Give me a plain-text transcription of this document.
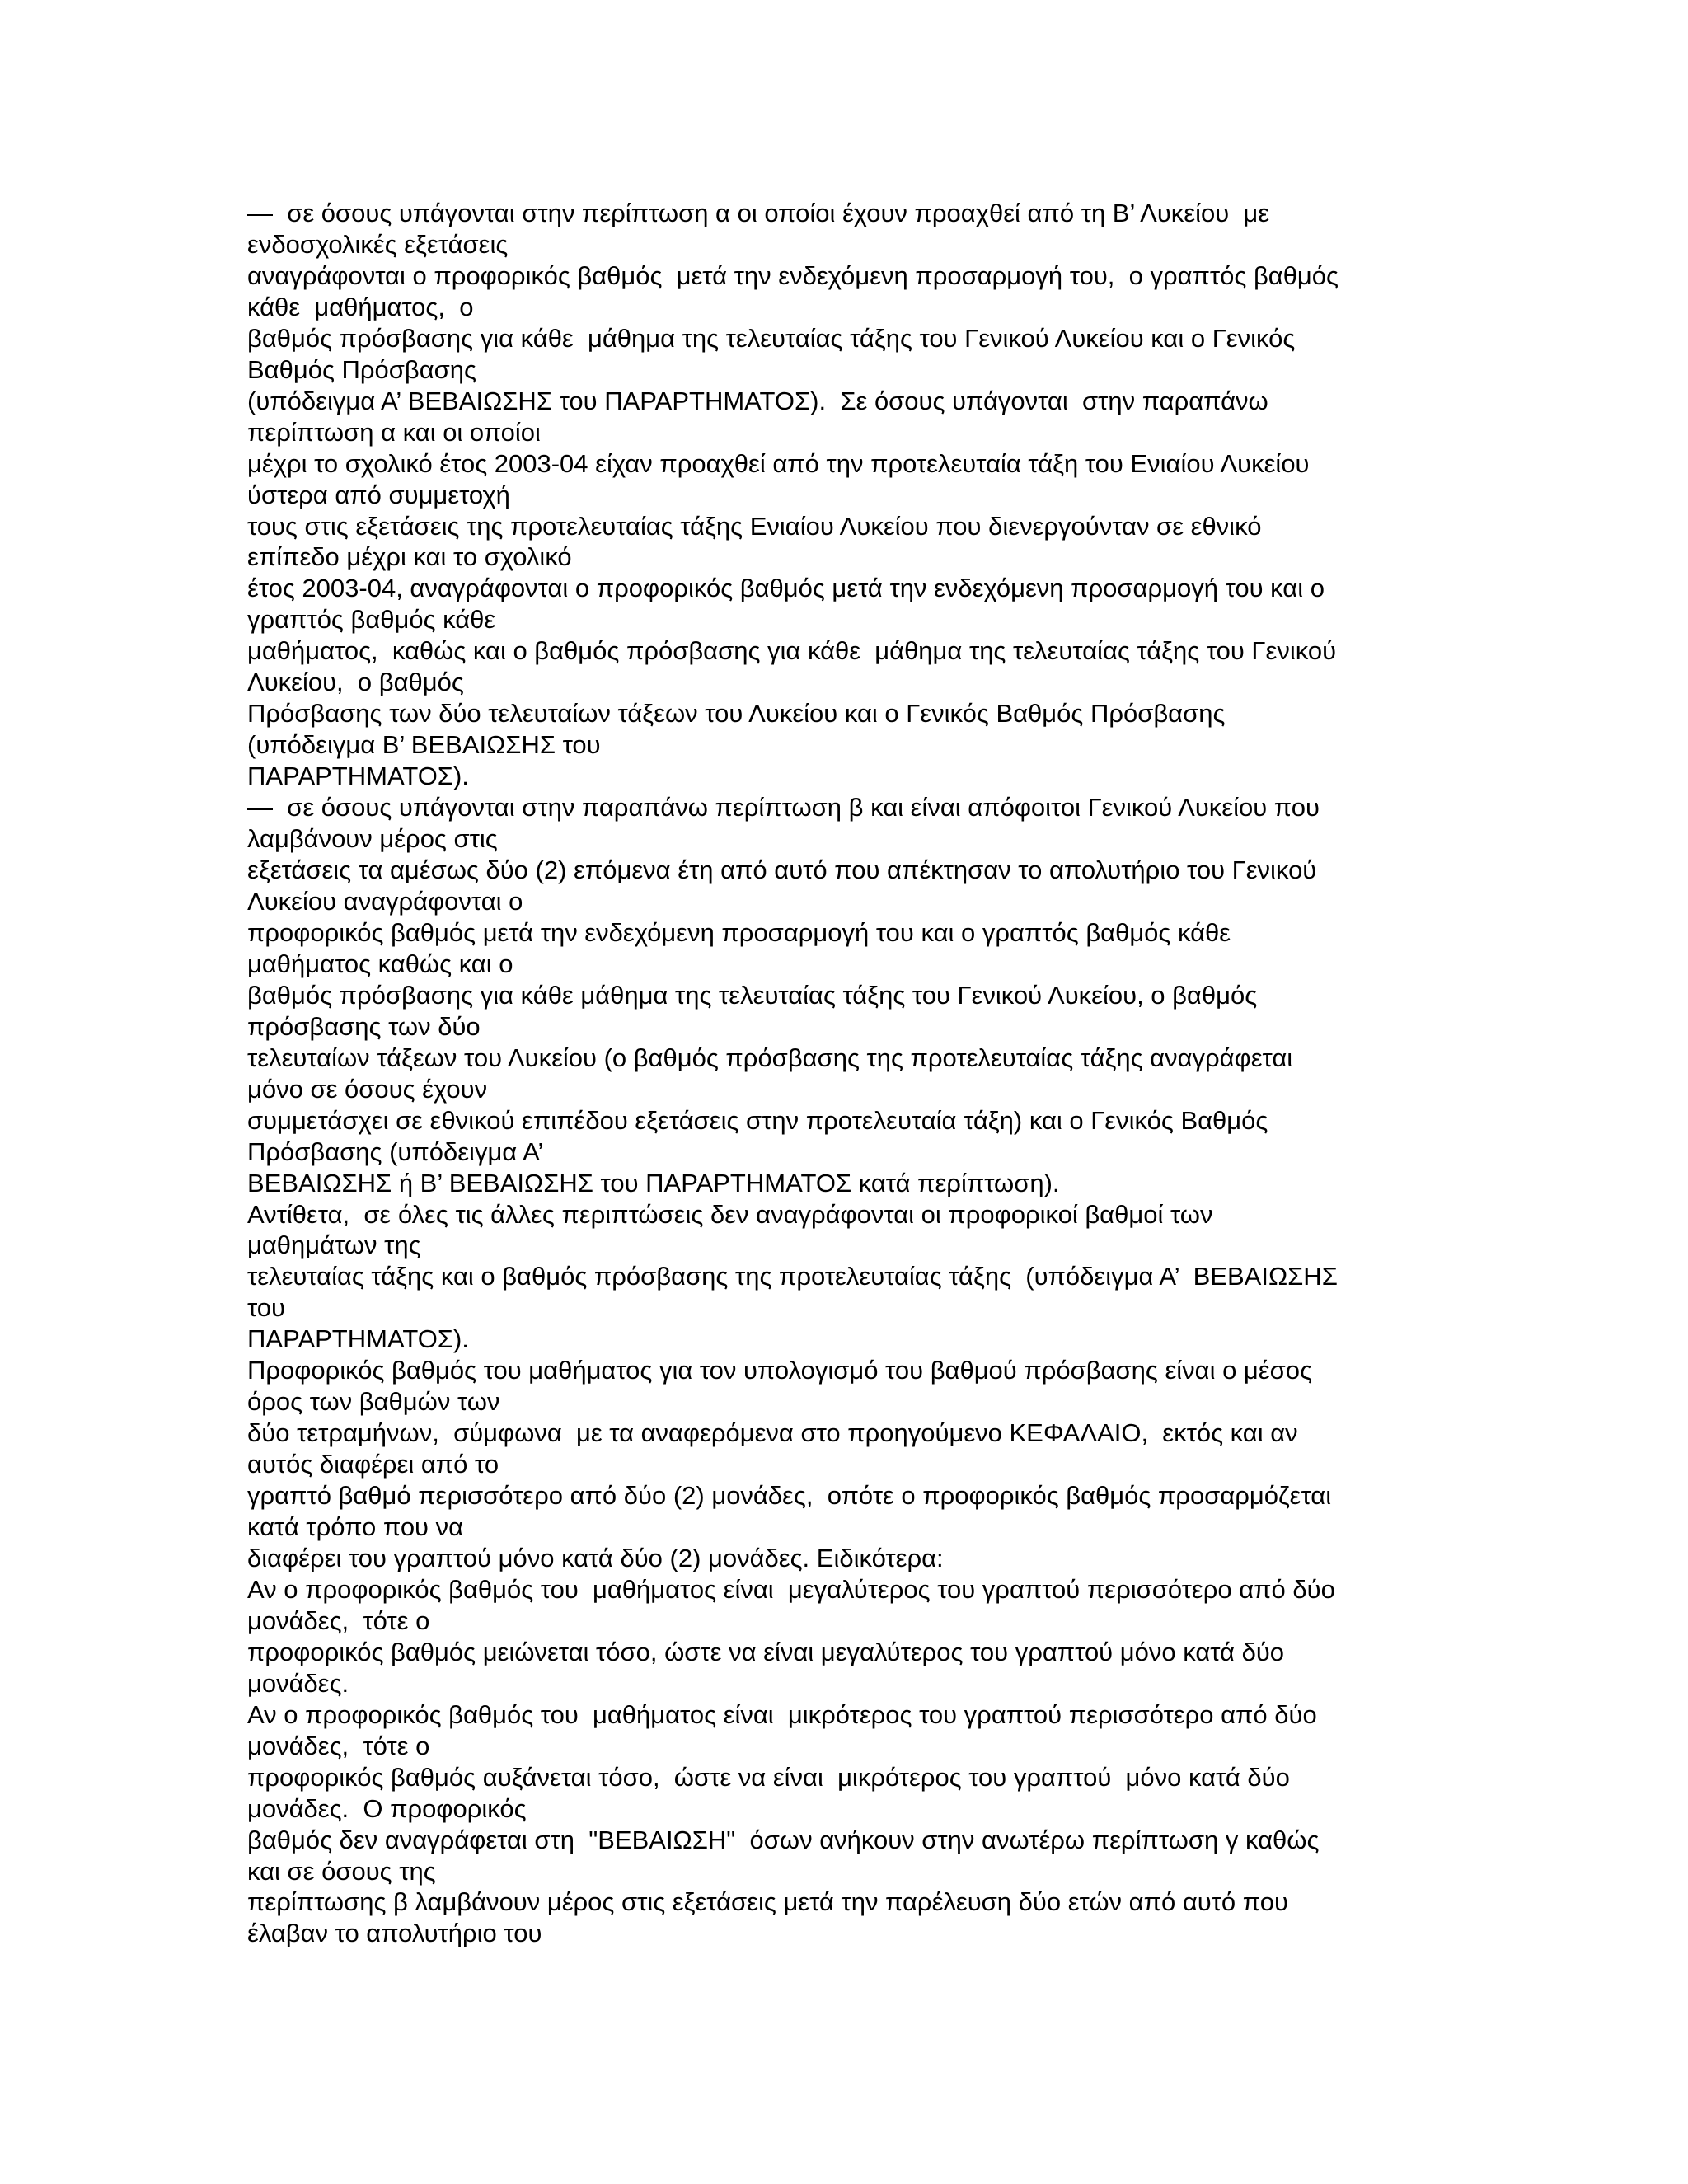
—  σε όσους υπάγονται στην περίπτωση α οι οποίοι έχουν προαχθεί από τη Β’ Λυκείου  με

ενδοσχολικές εξετάσεις

αναγράφονται ο προφορικός βαθμός  μετά την ενδεχόμενη προσαρμογή του,  ο γραπτός βαθμός

κάθε  μαθήματος,  ο

βαθμός πρόσβασης για κάθε  μάθημα της τελευταίας τάξης του Γενικού Λυκείου και ο Γενικός

Βαθμός Πρόσβασης

(υπόδειγμα Α’ ΒΕΒΑΙΩΣΗΣ του ΠΑΡΑΡΤΗΜΑΤΟΣ).  Σε όσους υπάγονται  στην παραπάνω

περίπτωση α και οι οποίοι

μέχρι το σχολικό έτος 2003-04 είχαν προαχθεί από την προτελευταία τάξη του Ενιαίου Λυκείου

ύστερα από συμμετοχή

τους στις εξετάσεις της προτελευταίας τάξης Ενιαίου Λυκείου που διενεργούνταν σε εθνικό

επίπεδο μέχρι και το σχολικό

έτος 2003-04, αναγράφονται ο προφορικός βαθμός μετά την ενδεχόμενη προσαρμογή του και ο

γραπτός βαθμός κάθε

μαθήματος,  καθώς και ο βαθμός πρόσβασης για κάθε  μάθημα της τελευταίας τάξης του Γενικού

Λυκείου,  ο βαθμός

Πρόσβασης των δύο τελευταίων τάξεων του Λυκείου και ο Γενικός Βαθμός Πρόσβασης

(υπόδειγμα Β’ ΒΕΒΑΙΩΣΗΣ του

ΠΑΡΑΡΤΗΜΑΤΟΣ).

—  σε όσους υπάγονται στην παραπάνω περίπτωση β και είναι απόφοιτοι Γενικού Λυκείου που

λαμβάνουν μέρος στις

εξετάσεις τα αμέσως δύο (2) επόμενα έτη από αυτό που απέκτησαν το απολυτήριο του Γενικού

Λυκείου αναγράφονται ο

προφορικός βαθμός μετά την ενδεχόμενη προσαρμογή του και ο γραπτός βαθμός κάθε

μαθήματος καθώς και ο

βαθμός πρόσβασης για κάθε μάθημα της τελευταίας τάξης του Γενικού Λυκείου, ο βαθμός

πρόσβασης των δύο

τελευταίων τάξεων του Λυκείου (ο βαθμός πρόσβασης της προτελευταίας τάξης αναγράφεται

μόνο σε όσους έχουν

συμμετάσχει σε εθνικού επιπέδου εξετάσεις στην προτελευταία τάξη) και ο Γενικός Βαθμός

Πρόσβασης (υπόδειγμα Α’

ΒΕΒΑΙΩΣΗΣ ή Β’ ΒΕΒΑΙΩΣΗΣ του ΠΑΡΑΡΤΗΜΑΤΟΣ κατά περίπτωση).

Αντίθετα,  σε όλες τις άλλες περιπτώσεις δεν αναγράφονται οι προφορικοί βαθμοί των

μαθημάτων της

τελευταίας τάξης και ο βαθμός πρόσβασης της προτελευταίας τάξης  (υπόδειγμα Α’  ΒΕΒΑΙΩΣΗΣ

του

ΠΑΡΑΡΤΗΜΑΤΟΣ).

Προφορικός βαθμός του μαθήματος για τον υπολογισμό του βαθμού πρόσβασης είναι ο μέσος

όρος των βαθμών των

δύο τετραμήνων,  σύμφωνα  με τα αναφερόμενα στο προηγούμενο ΚΕΦΑΛΑΙΟ,  εκτός και αν

αυτός διαφέρει από το

γραπτό βαθμό περισσότερο από δύο (2) μονάδες,  οπότε ο προφορικός βαθμός προσαρμόζεται

κατά τρόπο που να

διαφέρει του γραπτού μόνο κατά δύο (2) μονάδες. Ειδικότερα:

Αν ο προφορικός βαθμός του  μαθήματος είναι  μεγαλύτερος του γραπτού περισσότερο από δύο

μονάδες,  τότε ο

προφορικός βαθμός μειώνεται τόσο, ώστε να είναι μεγαλύτερος του γραπτού μόνο κατά δύο

μονάδες.

Αν ο προφορικός βαθμός του  μαθήματος είναι  μικρότερος του γραπτού περισσότερο από δύο

μονάδες,  τότε ο

προφορικός βαθμός αυξάνεται τόσο,  ώστε να είναι  μικρότερος του γραπτού  μόνο κατά δύο

μονάδες.  Ο προφορικός

βαθμός δεν αναγράφεται στη  "ΒΕΒΑΙΩΣΗ"  όσων ανήκουν στην ανωτέρω περίπτωση γ καθώς

και σε όσους της

περίπτωσης β λαμβάνουν μέρος στις εξετάσεις μετά την παρέλευση δύο ετών από αυτό που

έλαβαν το απολυτήριο του
